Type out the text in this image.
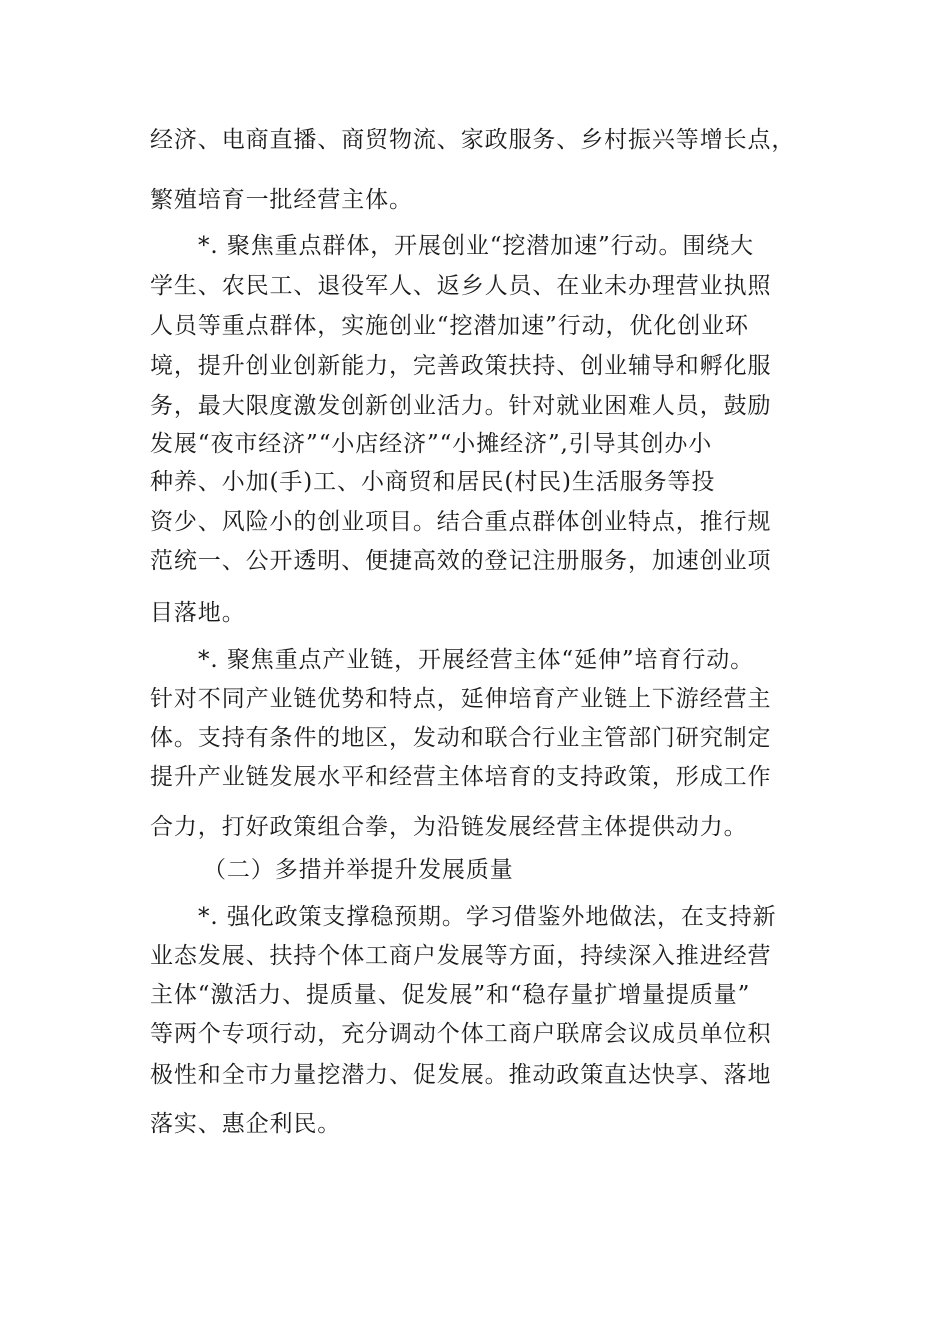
经济、电商直播、商贸物流、家政服务、乡村振兴等增长点，
繁殖培育一批经营主体。
*. 聚焦重点群体，开展创业“挖潜加速”行动。围绕大
学生、农民工、退役军人、返乡人员、在业未办理营业执照
人员等重点群体，实施创业“挖潜加速”行动，优化创业环
境，提升创业创新能力，完善政策扶持、创业辅导和孵化服
务，最大限度激发创新创业活力。针对就业困难人员，鼓励
发展“夜市经济”“小店经济”“小摊经济”,引导其创办小
种养、小加(手)工、小商贸和居民(村民)生活服务等投
资少、风险小的创业项目。结合重点群体创业特点，推行规
范统一、公开透明、便捷高效的登记注册服务，加速创业项
目落地。
*. 聚焦重点产业链，开展经营主体“延伸”培育行动。
针对不同产业链优势和特点，延伸培育产业链上下游经营主
体。支持有条件的地区，发动和联合行业主管部门研究制定
提升产业链发展水平和经营主体培育的支持政策，形成工作
合力，打好政策组合拳，为沿链发展经营主体提供动力。
（二）多措并举提升发展质量
*. 强化政策支撑稳预期。学习借鉴外地做法，在支持新
业态发展、扶持个体工商户发展等方面，持续深入推进经营
主体“激活力、提质量、促发展”和“稳存量扩增量提质量”
等两个专项行动，充分调动个体工商户联席会议成员单位积
极性和全市力量挖潜力、促发展。推动政策直达快享、落地
落实、惠企利民。
